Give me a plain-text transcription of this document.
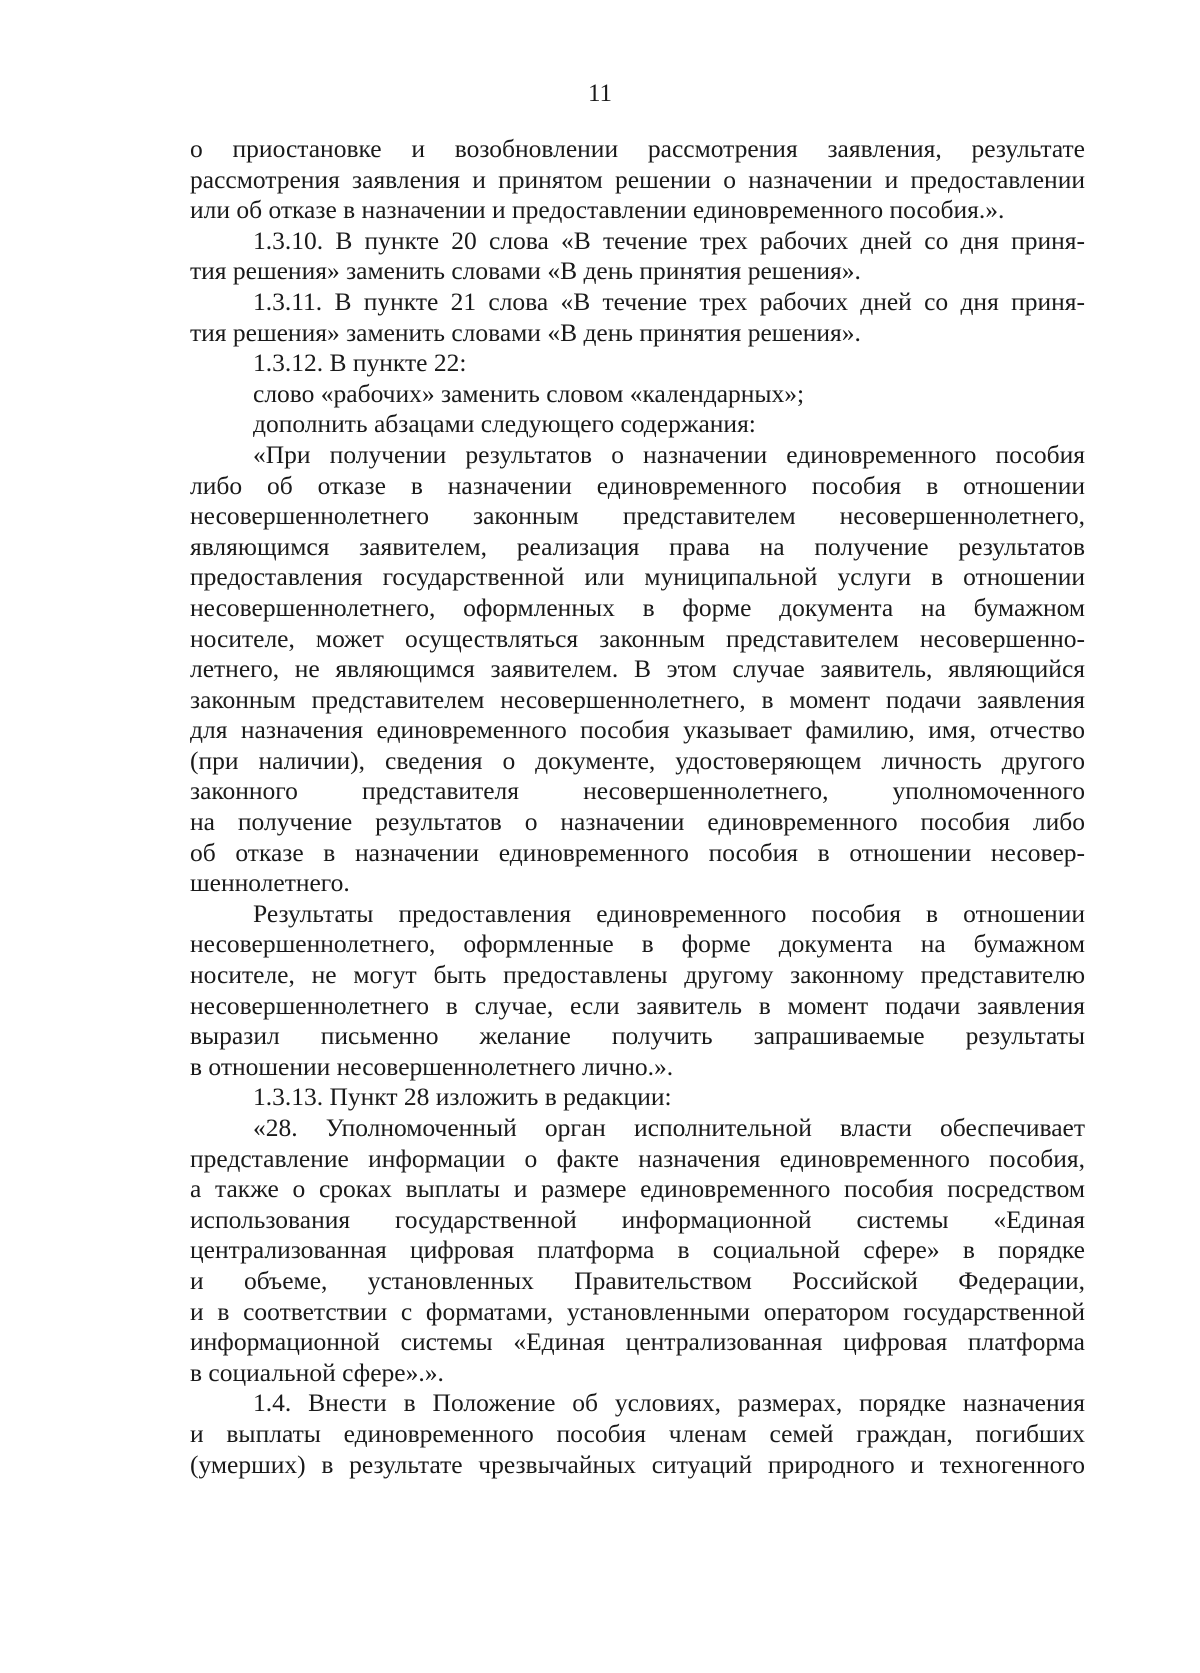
11
о приостановке и возобновлении рассмотрения заявления, результате
рассмотрения заявления и принятом решении о назначении и предоставлении
или об отказе в назначении и предоставлении единовременного пособия.».
1.3.10. В пункте 20 слова «В течение трех рабочих дней со дня приня-
тия решения» заменить словами «В день принятия решения».
1.3.11. В пункте 21 слова «В течение трех рабочих дней со дня приня-
тия решения» заменить словами «В день принятия решения».
1.3.12. В пункте 22:
слово «рабочих» заменить словом «календарных»;
дополнить абзацами следующего содержания:
«При получении результатов о назначении единовременного пособия
либо об отказе в назначении единовременного пособия в отношении
несовершеннолетнего законным представителем несовершеннолетнего,
являющимся заявителем, реализация права на получение результатов
предоставления государственной или муниципальной услуги в отношении
несовершеннолетнего, оформленных в форме документа на бумажном
носителе, может осуществляться законным представителем несовершенно-
летнего, не являющимся заявителем. В этом случае заявитель, являющийся
законным представителем несовершеннолетнего, в момент подачи заявления
для назначения единовременного пособия указывает фамилию, имя, отчество
(при наличии), сведения о документе, удостоверяющем личность другого
законного представителя несовершеннолетнего, уполномоченного
на получение результатов о назначении единовременного пособия либо
об отказе в назначении единовременного пособия в отношении несовер-
шеннолетнего.
Результаты предоставления единовременного пособия в отношении
несовершеннолетнего, оформленные в форме документа на бумажном
носителе, не могут быть предоставлены другому законному представителю
несовершеннолетнего в случае, если заявитель в момент подачи заявления
выразил письменно желание получить запрашиваемые результаты
в отношении несовершеннолетнего лично.».
1.3.13. Пункт 28 изложить в редакции:
«28. Уполномоченный орган исполнительной власти обеспечивает
представление информации о факте назначения единовременного пособия,
а также о сроках выплаты и размере единовременного пособия посредством
использования государственной информационной системы «Единая
централизованная цифровая платформа в социальной сфере» в порядке
и объеме, установленных Правительством Российской Федерации,
и в соответствии с форматами, установленными оператором государственной
информационной системы «Единая централизованная цифровая платформа
в социальной сфере».».
1.4. Внести в Положение об условиях, размерах, порядке назначения
и выплаты единовременного пособия членам семей граждан, погибших
(умерших) в результате чрезвычайных ситуаций природного и техногенного
